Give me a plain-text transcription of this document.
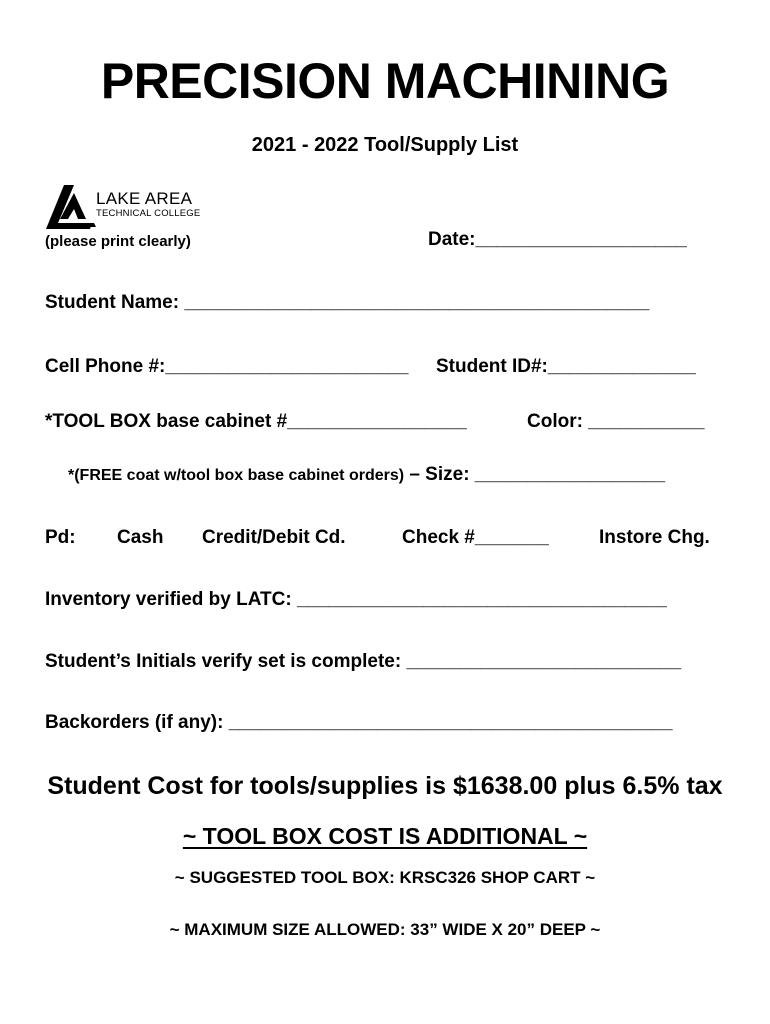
PRECISION MACHINING
2021 - 2022 Tool/Supply List
LAKE AREA
TECHNICAL COLLEGE
(please print clearly)	Date:____________________
Student Name: ____________________________________________
Cell Phone #:_______________________ Student ID#:______________
*TOOL BOX base cabinet #_________________	Color: ___________
*(FREE coat w/tool box base cabinet orders) – Size: __________________
Pd: Cash Credit/Debit Cd.	Check #_______	Instore Chg.
Inventory verified by LATC: ___________________________________
Student’s Initials verify set is complete: __________________________
Backorders (if any): __________________________________________
Student Cost for tools/supplies is $1638.00 plus 6.5% tax
~ TOOL BOX COST IS ADDITIONAL ~
~ SUGGESTED TOOL BOX: KRSC326 SHOP CART ~
~ MAXIMUM SIZE ALLOWED: 33” WIDE X 20” DEEP ~
